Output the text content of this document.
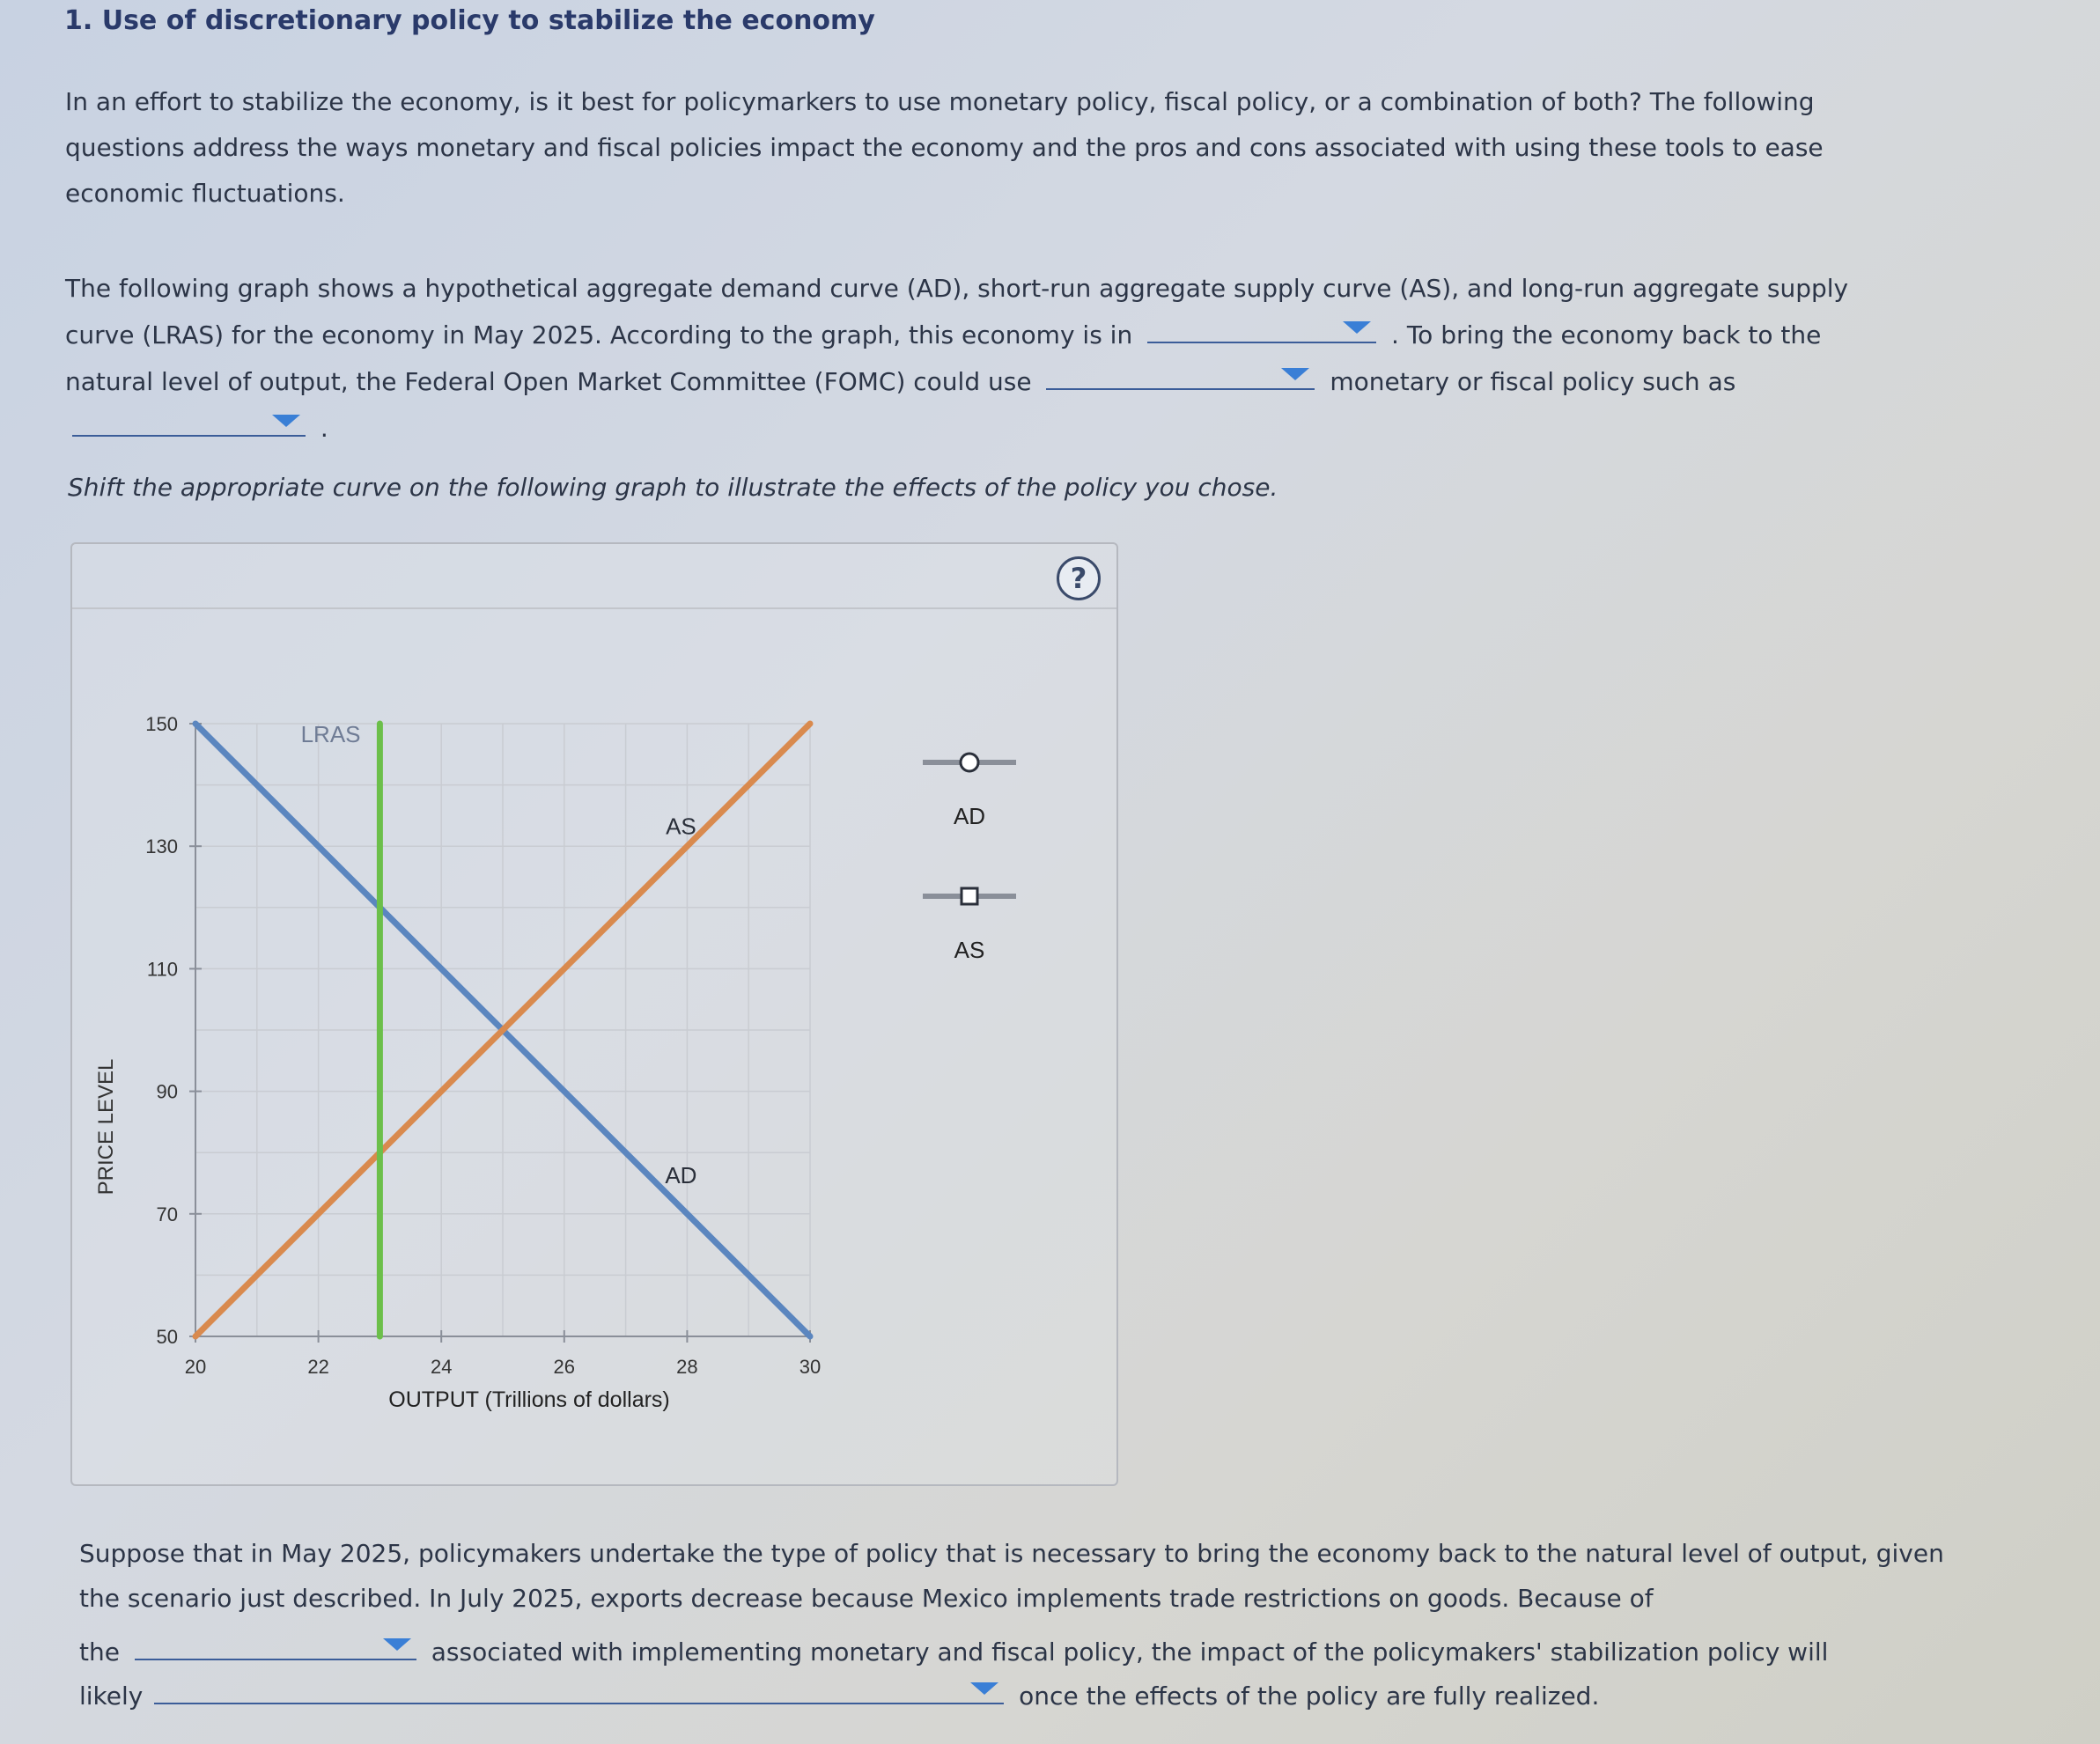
1. Use of discretionary policy to stabilize the economy
In an effort to stabilize the economy, is it best for policymarkers to use monetary policy, fiscal policy, or a combination of both? The following questions address the ways monetary and fiscal policies impact the economy and the pros and cons associated with using these tools to ease economic fluctuations.
The following graph shows a hypothetical aggregate demand curve (AD), short-run aggregate supply curve (AS), and long-run aggregate supply curve (LRAS) for the economy in May 2025. According to the graph, this economy is in	. To bring the economy back to the natural level of output, the Federal Open Market Committee (FOMC) could use	monetary or fiscal policy such as
.
Shift the appropriate curve on the following graph to illustrate the effects of the policy you chose.
?
20	22	24	26	28	30
50
70
90
110
130
150
AD
AS
LRAS
OUTPUT (Trillions of dollars)
PRICE LEVEL
AD
AS
Suppose that in May 2025, policymakers undertake the type of policy that is necessary to bring the economy back to the natural level of output, given
the scenario just described. In July 2025, exports decrease because Mexico implements trade restrictions on goods. Because of
the	associated with implementing monetary and fiscal policy, the impact of the policymakers' stabilization policy will
likely	once the effects of the policy are fully realized.
